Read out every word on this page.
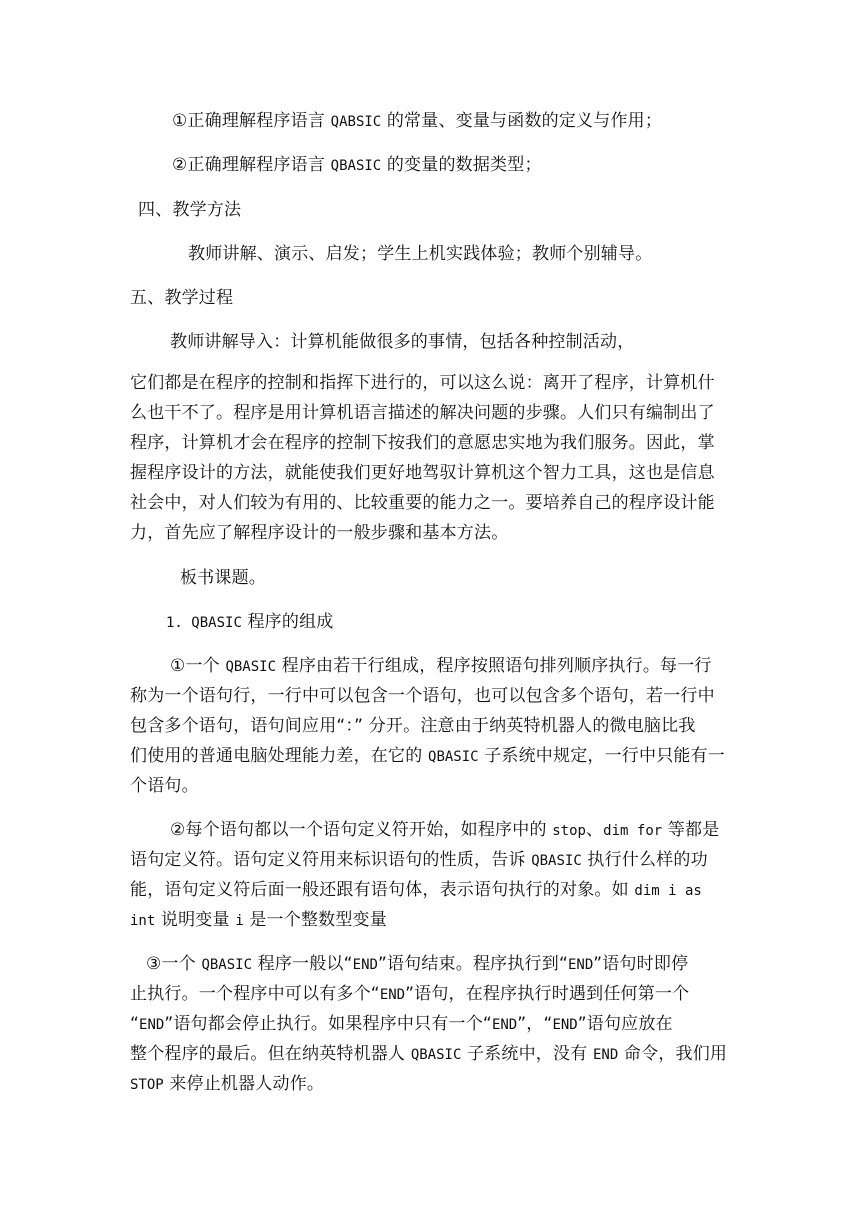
①正确理解程序语言 QABSIC 的常量、变量与函数的定义与作用；

②正确理解程序语言 QBASIC 的变量的数据类型；

四、教学方法

教师讲解、演示、启发；学生上机实践体验；教师个别辅导。

五、教学过程

教师讲解导入：计算机能做很多的事情，包括各种控制活动，

它们都是在程序的控制和指挥下进行的，可以这么说：离开了程序，计算机什

么也干不了。程序是用计算机语言描述的解决问题的步骤。人们只有编制出了

程序，计算机才会在程序的控制下按我们的意愿忠实地为我们服务。因此，掌

握程序设计的方法，就能使我们更好地驾驭计算机这个智力工具，这也是信息

社会中，对人们较为有用的、比较重要的能力之一。要培养自己的程序设计能

力，首先应了解程序设计的一般步骤和基本方法。

板书课题。

1. QBASIC 程序的组成

①一个 QBASIC 程序由若干行组成，程序按照语句排列顺序执行。每一行

称为一个语句行，一行中可以包含一个语句，也可以包含多个语句，若一行中

包含多个语句，语句间应用“：” 分开。注意由于纳英特机器人的微电脑比我

们使用的普通电脑处理能力差，在它的 QBASIC 子系统中规定，一行中只能有一

个语句。

②每个语句都以一个语句定义符开始，如程序中的 stop、dim for 等都是

语句定义符。语句定义符用来标识语句的性质，告诉 QBASIC 执行什么样的功

能，语句定义符后面一般还跟有语句体，表示语句执行的对象。如 dim i as

int 说明变量 i 是一个整数型变量

③一个 QBASIC 程序一般以“END”语句结束。程序执行到“END”语句时即停

止执行。一个程序中可以有多个“END”语句，在程序执行时遇到任何第一个

“END”语句都会停止执行。如果程序中只有一个“END”，“END”语句应放在

整个程序的最后。但在纳英特机器人 QBASIC 子系统中，没有 END 命令，我们用

STOP 来停止机器人动作。
